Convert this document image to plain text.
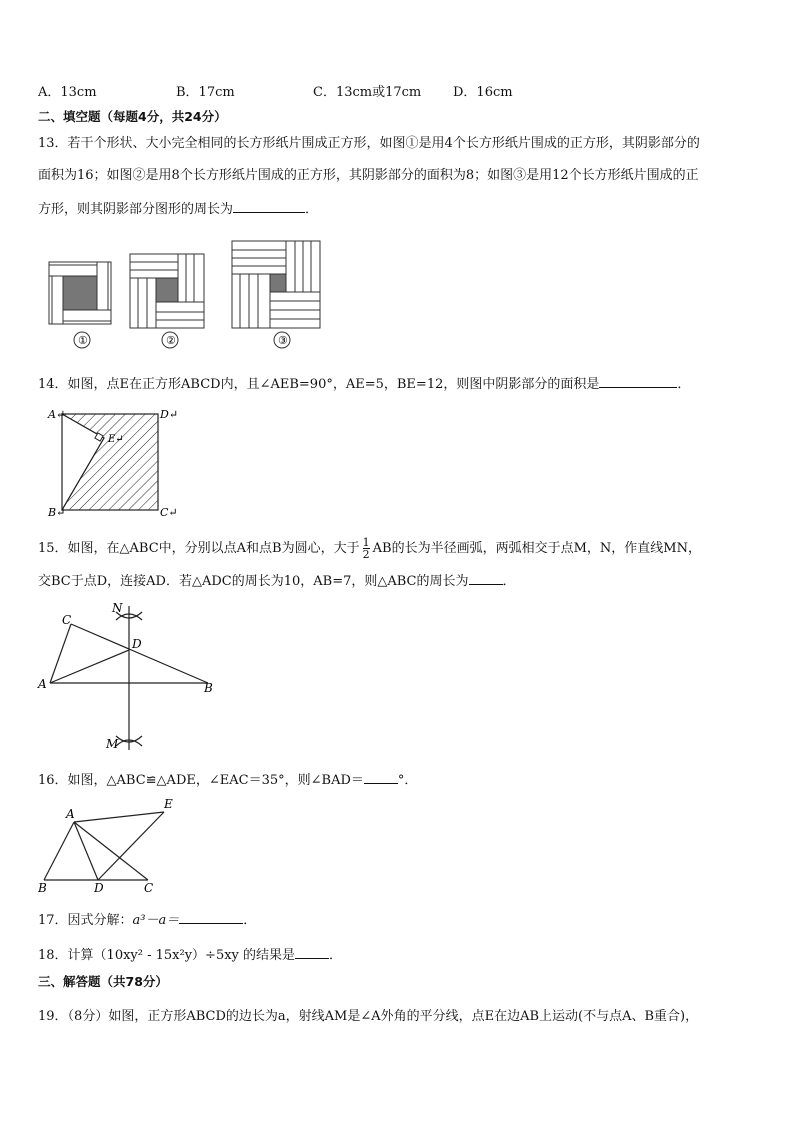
A．13cm	B．17cm	C．13cm或17cm D．16cm
二、填空题（每题4分，共24分）
13．若干个形状、大小完全相同的长方形纸片围成正方形，如图①是用4个长方形纸片围成的正方形，其阴影部分的
面积为16；如图②是用8个长方形纸片围成的正方形，其阴影部分的面积为8；如图③是用12个长方形纸片围成的正
方形，则其阴影部分图形的周长为	．
①	②	③
14．如图，点E在正方形ABCD内，且∠AEB=90°，AE=5，BE=12，则图中阴影部分的面积是	．
A↵	D↵
E↵
B↵	C↵
15．如图，在△ABC中，分别以点A和点B为圆心，大于 $\frac{1}{2}$ AB的长为半径画弧，两弧相交于点M，N，作直线MN，
交BC于点D，连接AD．若△ADC的周长为10，AB=7，则△ABC的周长为	．
N
C
D
A	B
M
16．如图，△ABC≌△ADE，∠EAC＝35°，则∠BAD＝	°．
A
E
B	D	C
17．因式分解：a³－a＝	．
18．计算（10xy² - 15x²y）÷5xy 的结果是	．
三、解答题（共78分）
19．（8分）如图，正方形ABCD的边长为a，射线AM是∠A外角的平分线，点E在边AB上运动(不与点A、B重合)，
